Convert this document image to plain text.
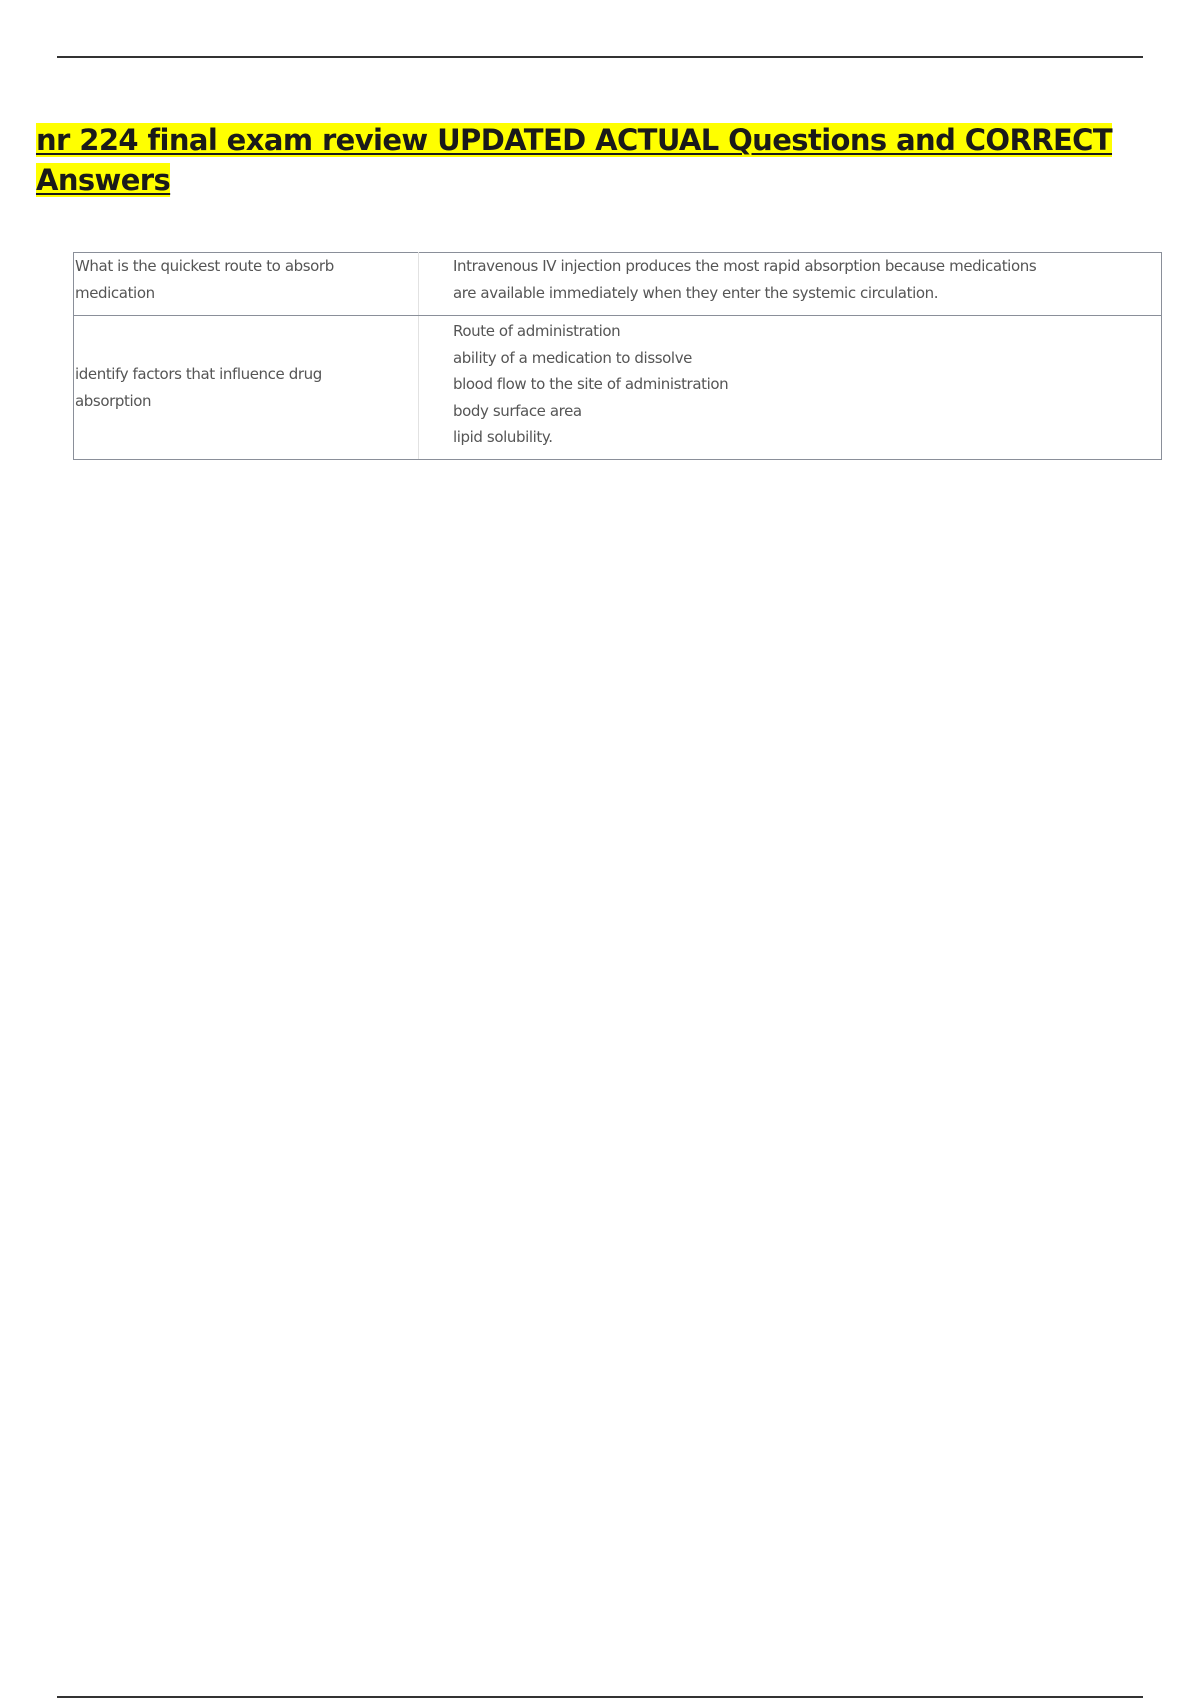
nr 224 final exam review UPDATED ACTUAL Questions and CORRECT Answers
What is the quickest route to absorb medication	Intravenous IV injection produces the most rapid absorption because medications
are available immediately when they enter the systemic circulation.

identify factors that influence drug absorption	Route of administration
ability of a medication to dissolve
blood flow to the site of administration
body surface area
lipid solubility.
